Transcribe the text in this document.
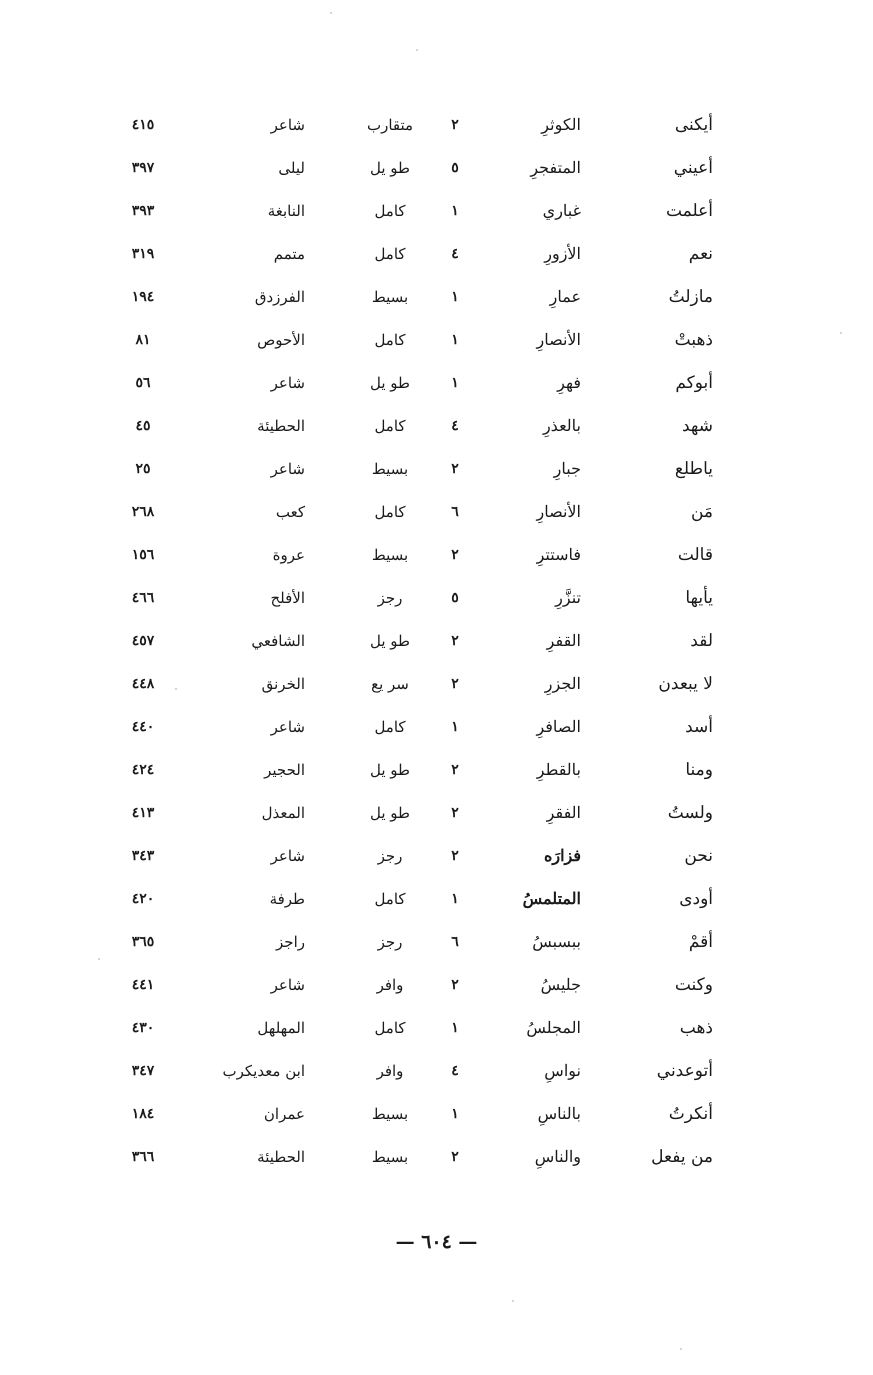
أيكنى
الكوثرِ
٢
متقارب
شاعر
٤١٥
أعيني
المتفجرِ
٥
طو يل
ليلى
٣٩٧
أعلمت
غباري
١
كامل
النابغة
٣٩٣
نعم
الأزورِ
٤
كامل
متمم
٣١٩
مازلتُ
عمارِ
١
بسيط
الفرزدق
١٩٤
ذهبتْ
الأنصارِ
١
كامل
الأحوص
٨١
أبوكم
فهرِ
١
طو يل
شاعر
٥٦
شهد
بالعذرِ
٤
كامل
الحطيئة
٤٥
ياطلع
جبارِ
٢
بسيط
شاعر
٢٥
مَن
الأنصارِ
٦
كامل
كعب
٢٦٨
قالت
فاستترِ
٢
بسيط
عروة
١٥٦
يأيها
تنزَّرِ
٥
رجز
الأفلح
٤٦٦
لقد
القفرِ
٢
طو يل
الشافعي
٤٥٧
لا يبعدن
الجزرِ
٢
سر يع
الخرنق
٤٤٨
أسد
الصافرِ
١
كامل
شاعر
٤٤٠
ومنا
بالقطرِ
٢
طو يل
الحجير
٤٢٤
ولستُ
الفقرِ
٢
طو يل
المعذل
٤١٣
نحن
فزارَه
٢
رجز
شاعر
٣٤٣
أودى
المتلمسُ
١
كامل
طرفة
٤٢٠
أقمْ
ببسبسُ
٦
رجز
راجز
٣٦٥
وكنت
جليسُ
٢
وافر
شاعر
٤٤١
ذهب
المجلسُ
١
كامل
المهلهل
٤٣٠
أتوعدني
نواسِ
٤
وافر
ابن معديكرب
٣٤٧
أنكرتُ
بالناسِ
١
بسيط
عمران
١٨٤
من يفعل
والناسِ
٢
بسيط
الحطيئة
٣٦٦
— ٦٠٤ —
